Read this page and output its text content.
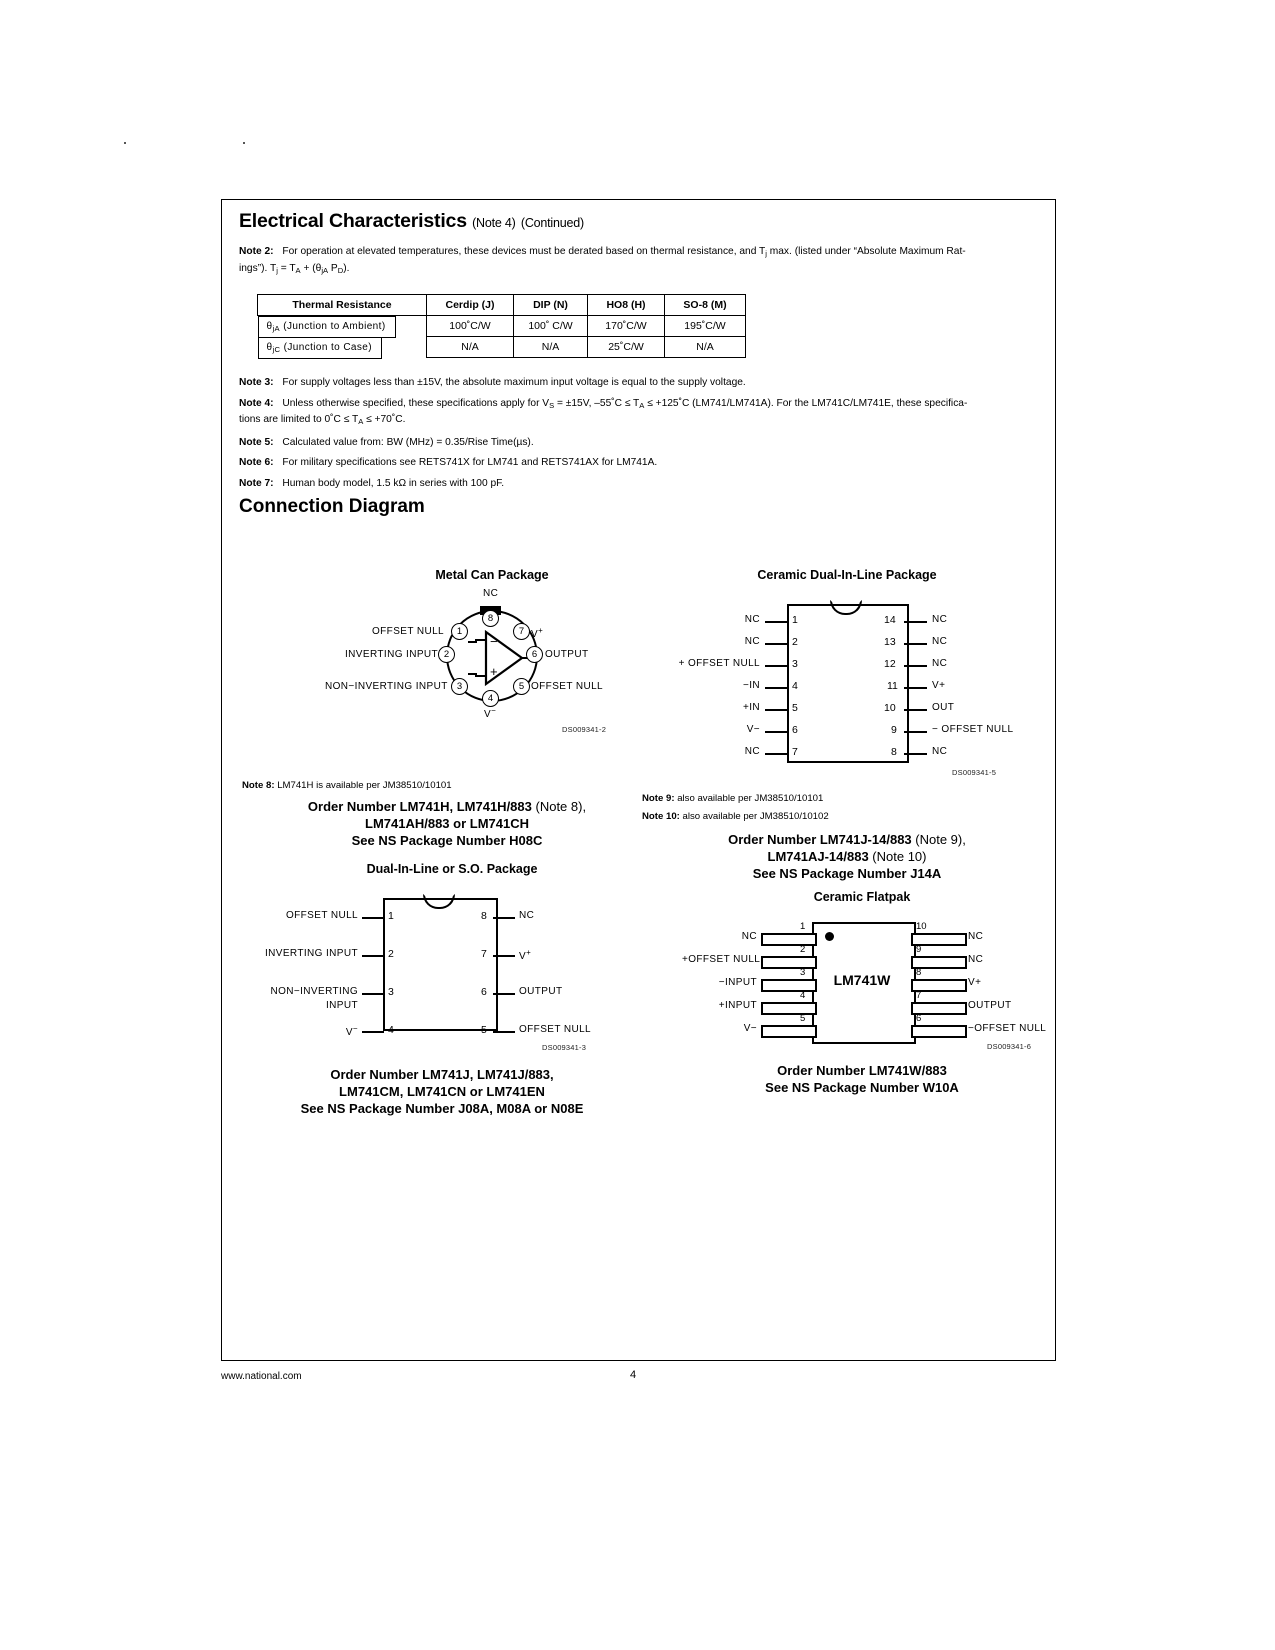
Electrical Characteristics (Note 4) (Continued)
Note 2: For operation at elevated temperatures, these devices must be derated based on thermal resistance, and $T_j$ max. (listed under “Absolute Maximum Rat-
ings”). $T_j = T_A + (\theta_{jA}$ $P_D$).
Thermal Resistance	Cerdip (J)	DIP (N)	HO8 (H)	SO-8 (M)

$\theta_{jA}$ (Junction to Ambient)	100˚C/W	100˚ C/W	170˚C/W	195˚C/W

$\theta_{jC}$ (Junction to Case)	N/A	N/A	25˚C/W	N/A
Note 3: For supply voltages less than ±15V, the absolute maximum input voltage is equal to the supply voltage.
Note 4: Unless otherwise specified, these specifications apply for $V_S = \pm 15V$, –55˚C ≤ $T_A$ ≤ +125˚C (LM741/LM741A). For the LM741C/LM741E, these specifica-
tions are limited to 0˚C ≤ $T_A$ ≤ +70˚C.
Note 5: Calculated value from: BW (MHz) = 0.35/Rise Time(µs).
Note 6: For military specifications see RETS741X for LM741 and RETS741AX for LM741A.
Note 7: Human body model, 1.5 kΩ in series with 100 pF.
Connection Diagram
Metal Can Package
−
+
8
1
2
3
4
5
6
7
NC
OFFSET NULL
INVERTING INPUT
NON−INVERTING INPUT
V−
OFFSET NULL
OUTPUT
V+
DS009341-2
Note 8: LM741H is available per JM38510/10101
Order Number LM741H, LM741H/883 (Note 8),
LM741AH/883 or LM741CH
See NS Package Number H08C
Ceramic Dual-In-Line Package
1
2
3
4
5
6
7
14
13
12
11
10
9
8
NC
NC
+ OFFSET NULL
−IN
+IN
V−
NC
NC
NC
NC
V+
OUT
− OFFSET NULL
NC
DS009341-5
Note 9: also available per JM38510/10101
Note 10: also available per JM38510/10102
Order Number LM741J-14/883 (Note 9),
LM741AJ-14/883 (Note 10)
See NS Package Number J14A
Dual-In-Line or S.O. Package
1
2
3
4
8
7
6
5
OFFSET NULL
INVERTING INPUT
NON−INVERTING
INPUT
V−
NC
V+
OUTPUT
OFFSET NULL
DS009341-3
Order Number LM741J, LM741J/883,
LM741CM, LM741CN or LM741EN
See NS Package Number J08A, M08A or N08E
Ceramic Flatpak
LM741W
1
2
3
4
5
10
9
8
7
6
NC
+OFFSET NULL
−INPUT
+INPUT
V−
NC
NC
V+
OUTPUT
−OFFSET NULL
DS009341-6
Order Number LM741W/883
See NS Package Number W10A
www.national.com	4
